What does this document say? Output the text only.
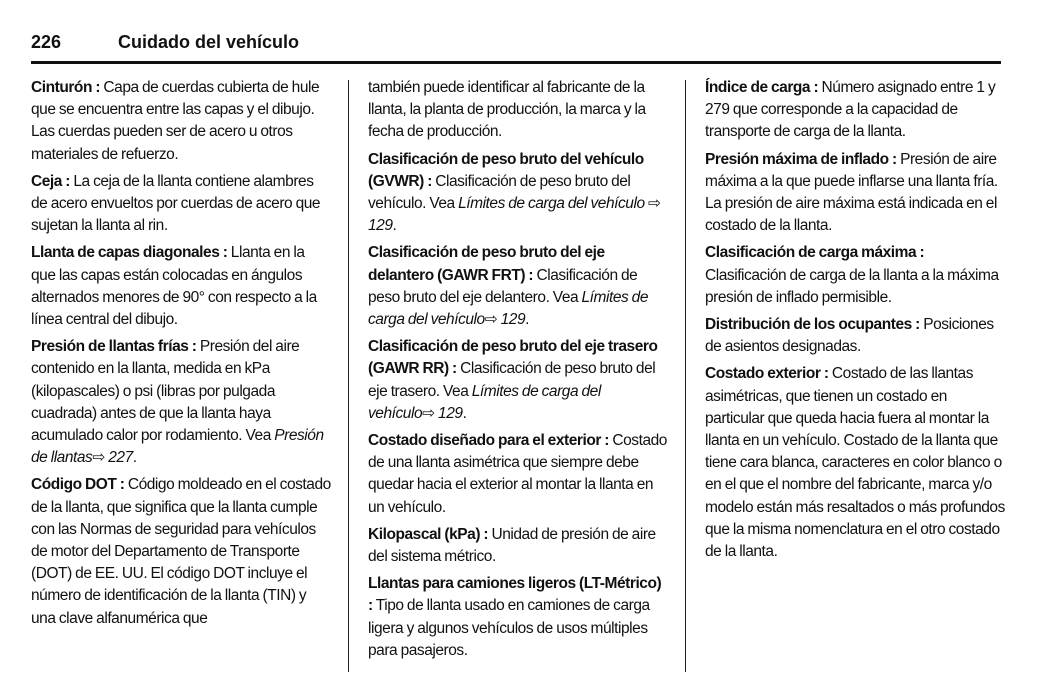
226	Cuidado del vehículo

Cinturón : Capa de cuerdas cubierta de hule que se encuentra entre las capas y el dibujo. Las cuerdas pueden ser de acero u otros materiales de refuerzo.

Ceja : La ceja de la llanta contiene alambres de acero envueltos por cuerdas de acero que sujetan la llanta al rin.

Llanta de capas diagonales : Llanta en la que las capas están colocadas en ángulos alternados menores de 90° con respecto a la línea central del dibujo.

Presión de llantas frías : Presión del aire contenido en la llanta, medida en kPa (kilopascales) o psi (libras por pulgada cuadrada) antes de que la llanta haya acumulado calor por rodamiento. Vea Presión de llantas⇨ 227.

Código DOT : Código moldeado en el costado de la llanta, que significa que la llanta cumple con las Normas de seguridad para vehículos de motor del Departamento de Transporte (DOT) de EE. UU. El código DOT incluye el número de identificación de la llanta (TIN) y una clave alfanumérica que

también puede identificar al fabricante de la llanta, la planta de producción, la marca y la fecha de producción.

Clasificación de peso bruto del vehículo (GVWR) : Clasificación de peso bruto del vehículo. Vea Límites de carga del vehículo ⇨ 129.

Clasificación de peso bruto del eje delantero (GAWR FRT) : Clasificación de peso bruto del eje delantero. Vea Límites de carga del vehículo⇨ 129.

Clasificación de peso bruto del eje trasero (GAWR RR) : Clasificación de peso bruto del eje trasero. Vea Límites de carga del vehículo⇨ 129.

Costado diseñado para el exterior : Costado de una llanta asimétrica que siempre debe quedar hacia el exterior al montar la llanta en un vehículo.

Kilopascal (kPa) : Unidad de presión de aire del sistema métrico.

Llantas para camiones ligeros (LT-Métrico) : Tipo de llanta usado en camiones de carga ligera y algunos vehículos de usos múltiples para pasajeros.

Índice de carga : Número asignado entre 1 y 279 que corresponde a la capacidad de transporte de carga de la llanta.

Presión máxima de inflado : Presión de aire máxima a la que puede inflarse una llanta fría. La presión de aire máxima está indicada en el costado de la llanta.

Clasificación de carga máxima : Clasificación de carga de la llanta a la máxima presión de inflado permisible.

Distribución de los ocupantes : Posiciones de asientos designadas.

Costado exterior : Costado de las llantas asimétricas, que tienen un costado en particular que queda hacia fuera al montar la llanta en un vehículo. Costado de la llanta que tiene cara blanca, caracteres en color blanco o en el que el nombre del fabricante, marca y/o modelo están más resaltados o más profundos que la misma nomenclatura en el otro costado de la llanta.
